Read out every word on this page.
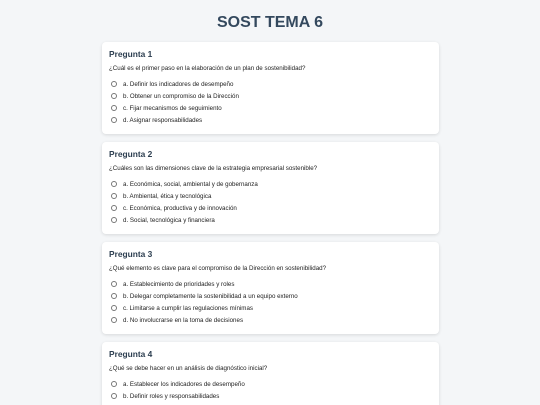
SOST TEMA 6
Pregunta 1
¿Cuál es el primer paso en la elaboración de un plan de sostenibilidad?
a. Definir los indicadores de desempeño
b. Obtener un compromiso de la Dirección
c. Fijar mecanismos de seguimiento
d. Asignar responsabilidades
Pregunta 2
¿Cuáles son las dimensiones clave de la estrategia empresarial sostenible?
a. Económica, social, ambiental y de gobernanza
b. Ambiental, ética y tecnológica
c. Económica, productiva y de innovación
d. Social, tecnológica y financiera
Pregunta 3
¿Qué elemento es clave para el compromiso de la Dirección en sostenibilidad?
a. Establecimiento de prioridades y roles
b. Delegar completamente la sostenibilidad a un equipo externo
c. Limitarse a cumplir las regulaciones mínimas
d. No involucrarse en la toma de decisiones
Pregunta 4
¿Qué se debe hacer en un análisis de diagnóstico inicial?
a. Establecer los indicadores de desempeño
b. Definir roles y responsabilidades
